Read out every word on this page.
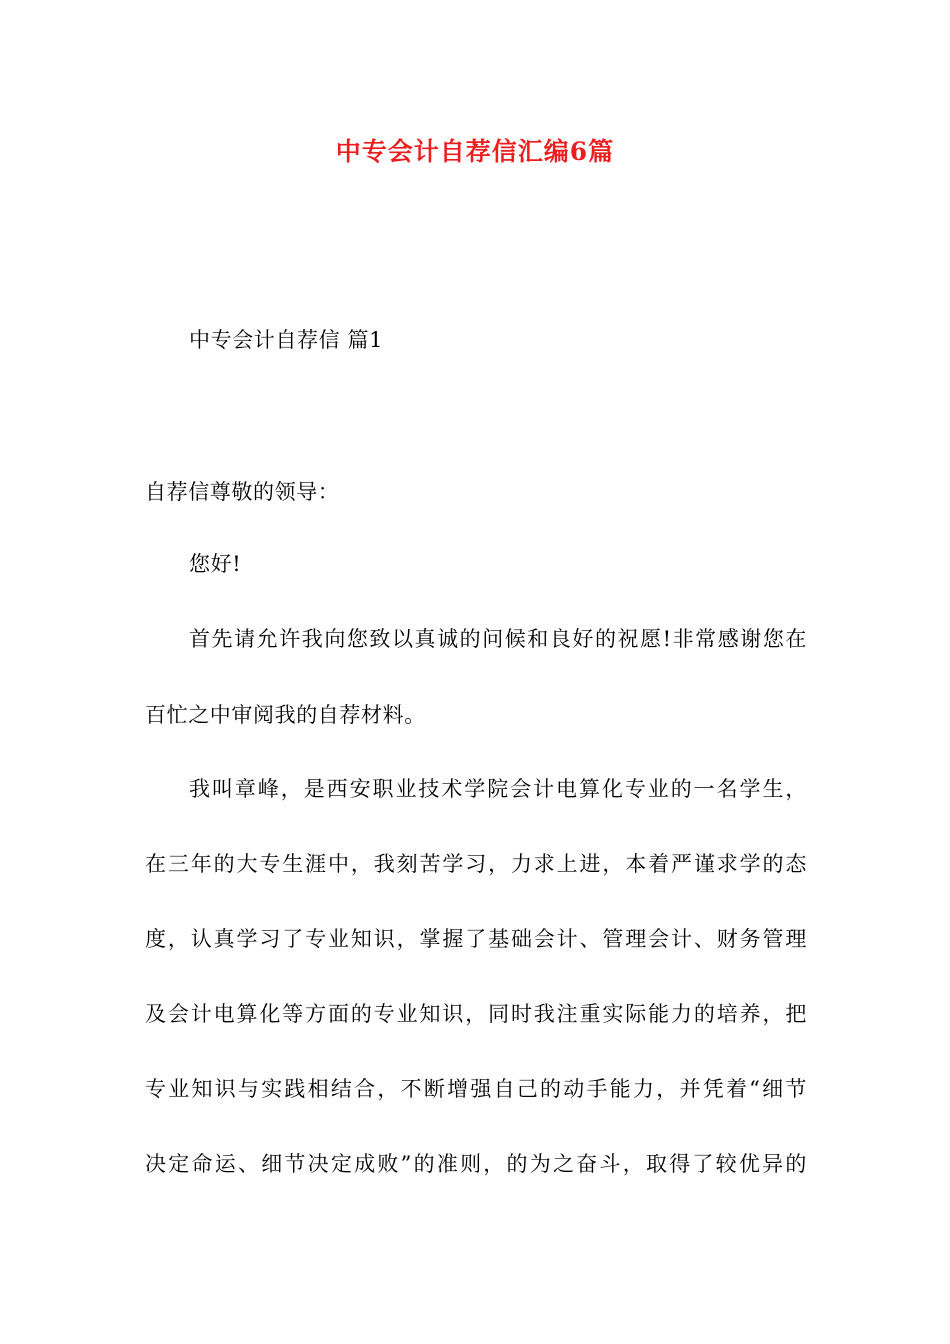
中专会计自荐信汇编6篇
中专会计自荐信 篇1
自荐信尊敬的领导：
您好!
首先请允许我向您致以真诚的问候和良好的祝愿!非常感谢您在
百忙之中审阅我的自荐材料。
我叫章峰，是西安职业技术学院会计电算化专业的一名学生，
在三年的大专生涯中，我刻苦学习，力求上进，本着严谨求学的态
度，认真学习了专业知识，掌握了基础会计、管理会计、财务管理
及会计电算化等方面的专业知识，同时我注重实际能力的培养，把
专业知识与实践相结合，不断增强自己的动手能力，并凭着“细节
决定命运、细节决定成败”的准则，的为之奋斗，取得了较优异的
